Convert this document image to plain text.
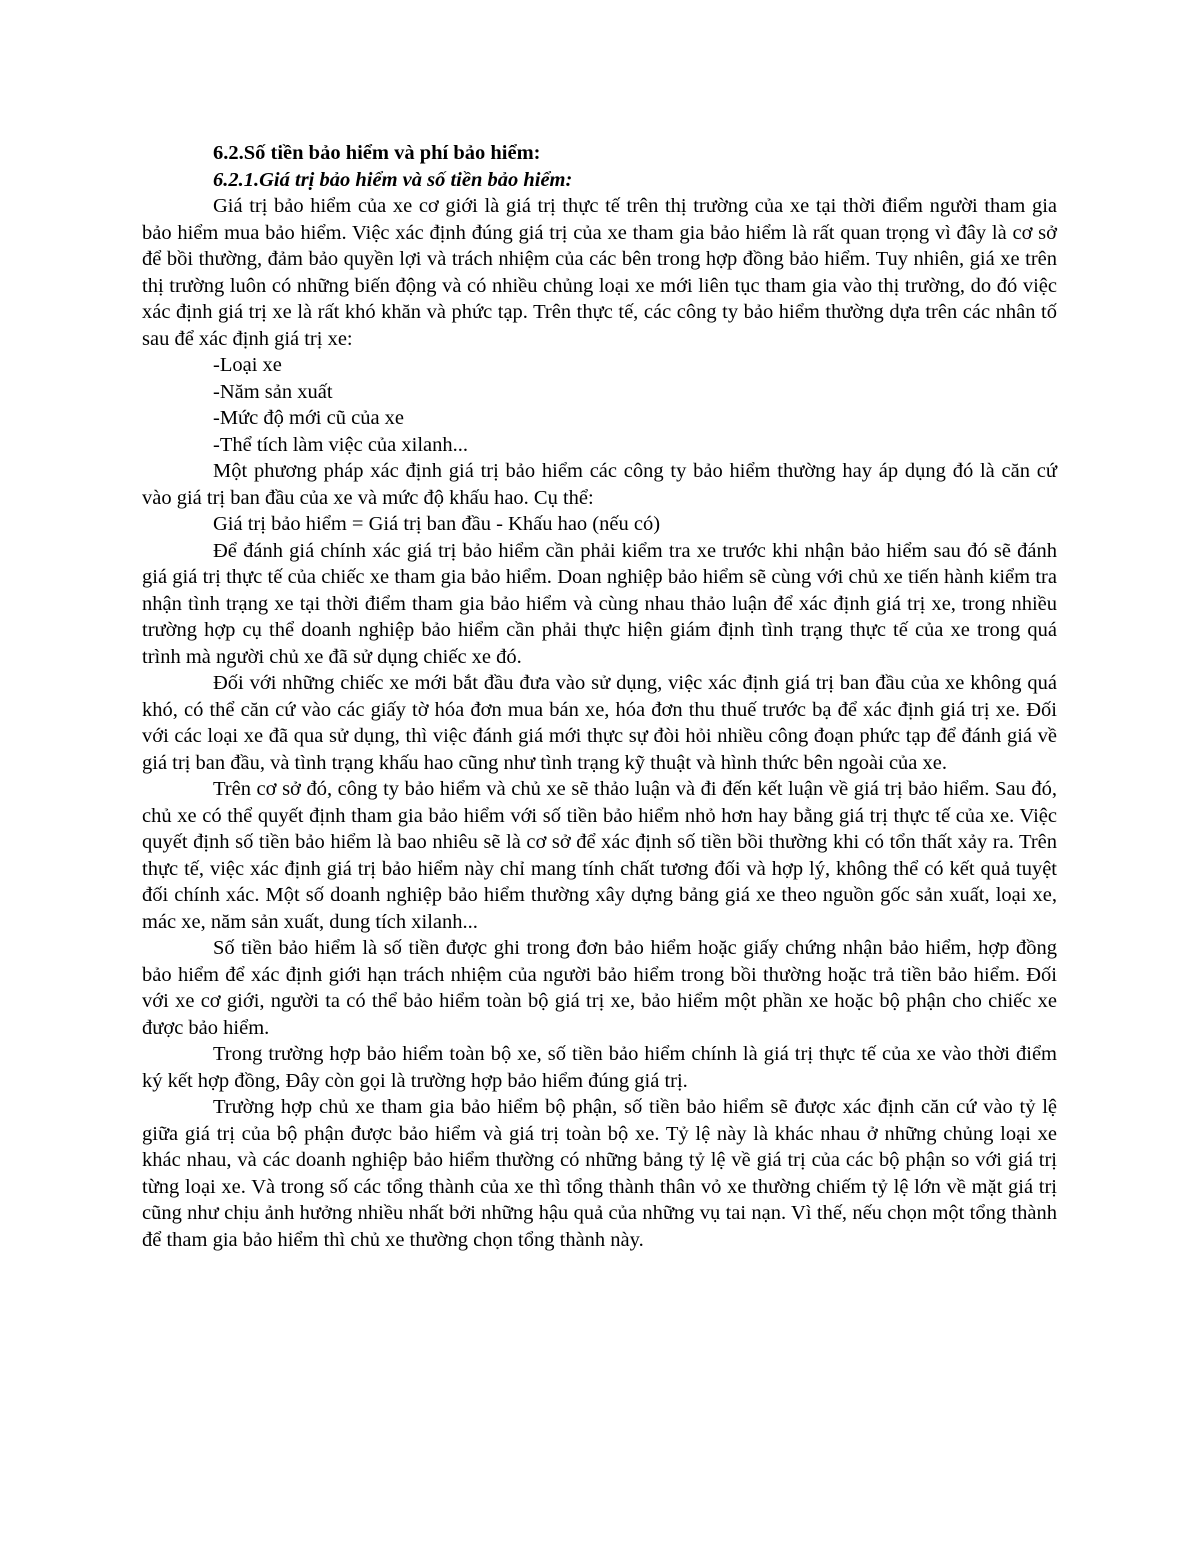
6.2.Số tiền bảo hiểm và phí bảo hiểm:

6.2.1.Giá trị bảo hiểm và số tiền bảo hiểm:

Giá trị bảo hiểm của xe cơ giới là giá trị thực tế trên thị trường của xe tại thời điểm người tham gia bảo hiểm mua bảo hiểm. Việc xác định đúng giá trị của xe tham gia bảo hiểm là rất quan trọng vì đây là cơ sở để bồi thường, đảm bảo quyền lợi và trách nhiệm của các bên trong hợp đồng bảo hiểm. Tuy nhiên, giá xe trên thị trường luôn có những biến động và có nhiều chủng loại xe mới liên tục tham gia vào thị trường, do đó việc xác định giá trị xe là rất khó khăn và phức tạp. Trên thực tế, các công ty bảo hiểm thường dựa trên các nhân tố sau để xác định giá trị xe:

-Loại xe

-Năm sản xuất

-Mức độ mới cũ của xe

-Thể tích làm việc của xilanh...

Một phương pháp xác định giá trị bảo hiểm các công ty bảo hiểm thường hay áp dụng đó là căn cứ vào giá trị ban đầu của xe và mức độ khấu hao. Cụ thể:

Giá trị bảo hiểm = Giá trị ban đầu - Khấu hao (nếu có)

Để đánh giá chính xác giá trị bảo hiểm cần phải kiểm tra xe trước khi nhận bảo hiểm sau đó sẽ đánh giá giá trị thực tế của chiếc xe tham gia bảo hiểm. Doan nghiệp bảo hiểm sẽ cùng với chủ xe tiến hành kiểm tra nhận tình trạng xe tại thời điểm tham gia bảo hiểm và cùng nhau thảo luận để xác định giá trị xe, trong nhiều trường hợp cụ thể doanh nghiệp bảo hiểm cần phải thực hiện giám định tình trạng thực tế của xe trong quá trình mà người chủ xe đã sử dụng chiếc xe đó.

Đối với những chiếc xe mới bắt đầu đưa vào sử dụng, việc xác định giá trị ban đầu của xe không quá khó, có thể căn cứ vào các giấy tờ hóa đơn mua bán xe, hóa đơn thu thuế trước bạ để xác định giá trị xe. Đối với các loại xe đã qua sử dụng, thì việc đánh giá mới thực sự đòi hỏi nhiều công đoạn phức tạp để đánh giá về giá trị ban đầu, và tình trạng khấu hao cũng như tình trạng kỹ thuật và hình thức bên ngoài của xe.

Trên cơ sở đó, công ty bảo hiểm và chủ xe sẽ thảo luận và đi đến kết luận về giá trị bảo hiểm. Sau đó, chủ xe có thể quyết định tham gia bảo hiểm với số tiền bảo hiểm nhỏ hơn hay bằng giá trị thực tế của xe. Việc quyết định số tiền bảo hiểm là bao nhiêu sẽ là cơ sở để xác định số tiền bồi thường khi có tổn thất xảy ra. Trên thực tế, việc xác định giá trị bảo hiểm này chỉ mang tính chất tương đối và hợp lý, không thể có kết quả tuyệt đối chính xác. Một số doanh nghiệp bảo hiểm thường xây dựng bảng giá xe theo nguồn gốc sản xuất, loại xe, mác xe, năm sản xuất, dung tích xilanh...

Số tiền bảo hiểm là số tiền được ghi trong đơn bảo hiểm hoặc giấy chứng nhận bảo hiểm, hợp đồng bảo hiểm để xác định giới hạn trách nhiệm của người bảo hiểm trong bồi thường hoặc trả tiền bảo hiểm. Đối với xe cơ giới, người ta có thể bảo hiểm toàn bộ giá trị xe, bảo hiểm một phần xe hoặc bộ phận cho chiếc xe được bảo hiểm.

Trong trường hợp bảo hiểm toàn bộ xe, số tiền bảo hiểm chính là giá trị thực tế của xe vào thời điểm ký kết hợp đồng, Đây còn gọi là trường hợp bảo hiểm đúng giá trị.

Trường hợp chủ xe tham gia bảo hiểm bộ phận, số tiền bảo hiểm sẽ được xác định căn cứ vào tỷ lệ giữa giá trị của bộ phận được bảo hiểm và giá trị toàn bộ xe. Tỷ lệ này là khác nhau ở những chủng loại xe khác nhau, và các doanh nghiệp bảo hiểm thường có những bảng tỷ lệ về giá trị của các bộ phận so với giá trị từng loại xe. Và trong số các tổng thành của xe thì tổng thành thân vỏ xe thường chiếm tỷ lệ lớn về mặt giá trị cũng như chịu ảnh hưởng nhiều nhất bởi những hậu quả của những vụ tai nạn. Vì thế, nếu chọn một tổng thành để tham gia bảo hiểm thì chủ xe thường chọn tổng thành này.
